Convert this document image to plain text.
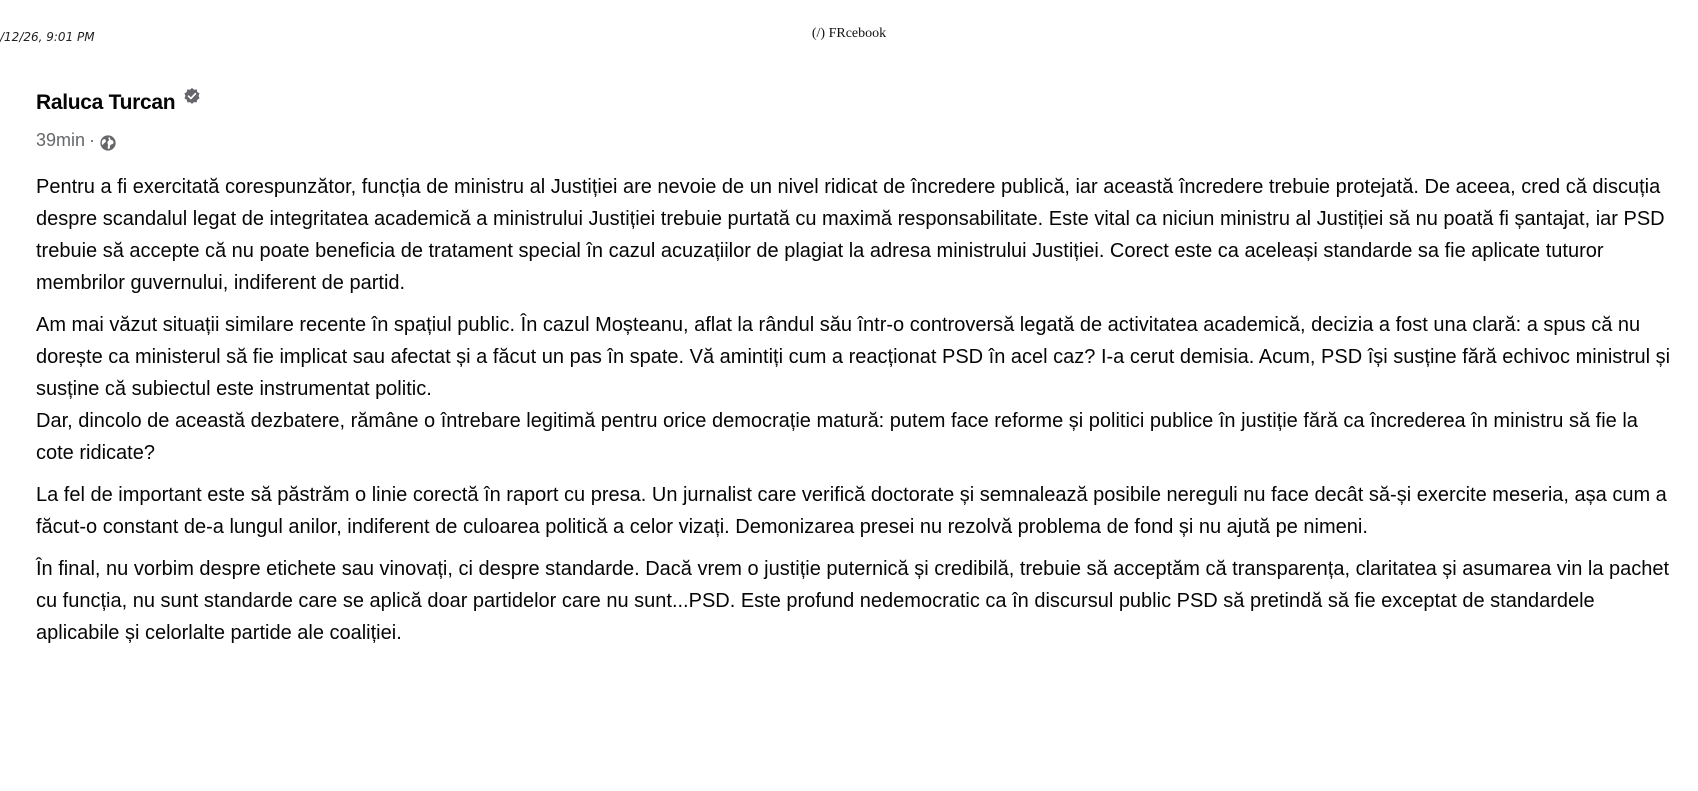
/12/26, 9:01 PM	(/) FRcebook
Raluca Turcan
39min ·

Pentru a fi exercitată corespunzător, funcția de ministru al Justiției are nevoie de un nivel ridicat de încredere publică, iar această încredere trebuie protejată. De aceea, cred că discuția despre scandalul legat de integritatea academică a ministrului Justiției trebuie purtată cu maximă responsabilitate. Este vital ca niciun ministru al Justiției să nu poată fi șantajat, iar PSD trebuie să accepte că nu poate beneficia de tratament special în cazul acuzațiilor de plagiat la adresa ministrului Justiției. Corect este ca aceleași standarde sa fie aplicate tuturor membrilor guvernului, indiferent de partid.

Am mai văzut situații similare recente în spațiul public. În cazul Moșteanu, aflat la rândul său într-o controversă legată de activitatea academică, decizia a fost una clară: a spus că nu dorește ca ministerul să fie implicat sau afectat și a făcut un pas în spate. Vă amintiți cum a reacționat PSD în acel caz? I-a cerut demisia. Acum, PSD își susține fără echivoc ministrul și susține că subiectul este instrumentat politic.
Dar, dincolo de această dezbatere, rămâne o întrebare legitimă pentru orice democrație matură: putem face reforme și politici publice în justiție fără ca încrederea în ministru să fie la cote ridicate?

La fel de important este să păstrăm o linie corectă în raport cu presa. Un jurnalist care verifică doctorate și semnalează posibile nereguli nu face decât să-și exercite meseria, așa cum a făcut-o constant de-a lungul anilor, indiferent de culoarea politică a celor vizați. Demonizarea presei nu rezolvă problema de fond și nu ajută pe nimeni.

În final, nu vorbim despre etichete sau vinovați, ci despre standarde. Dacă vrem o justiție puternică și credibilă, trebuie să acceptăm că transparența, claritatea și asumarea vin la pachet cu funcția, nu sunt standarde care se aplică doar partidelor care nu sunt...PSD. Este profund nedemocratic ca în discursul public PSD să pretindă să fie exceptat de standardele aplicabile și celorlalte partide ale coaliției.
